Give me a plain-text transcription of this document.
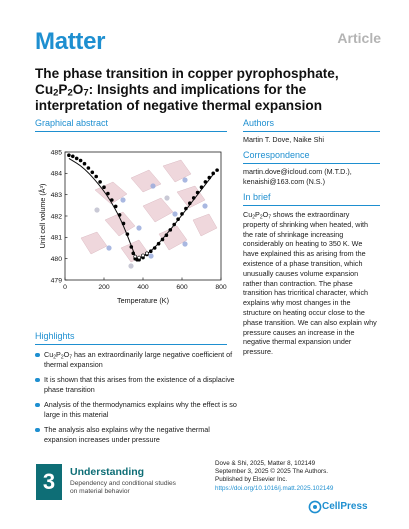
Matter	Article
The phase transition in copper pyrophosphate,
$Cu_2P_2O_7$: Insights and implications for the
interpretation of negative thermal expansion
Graphical abstract
0	200	400	600	800
479
480
481
482
483
484
485
Temperature (K)
Unit cell volume (Å³)
Authors
Martin T. Dove, Naike Shi
Correspondence
martin.dove@icloud.com (M.T.D.),
kenaishi@163.com (N.S.)
In brief
$Cu_2P_2O_7$ shows the extraordinary
property of shrinking when heated, with
the rate of shrinkage increasing
considerably on heating to 350 K. We
have explained this as arising from the
existence of a phase transition, which
unusually causes volume expansion
rather than contraction. The phase
transition has tricritical character, which
explains why most changes in the
structure on heating occur close to the
phase transition. We can also explain why
pressure causes an increase in the
negative thermal expansion under
pressure.
Highlights
$Cu_2P_2O_7$ has an extraordinarily large negative coefficient of
thermal expansion
It is shown that this arises from the existence of a displacive
phase transition
Analysis of the thermodynamics explains why the effect is so
large in this material
The analysis also explains why the negative thermal
expansion increases under pressure
3	Understanding
Dependency and conditional studies
on material behavior
Dove & Shi, 2025, Matter 8, 102149
September 3, 2025 © 2025 The Authors.
Published by Elsevier Inc.
https://doi.org/10.1016/j.matt.2025.102149
CellPress
